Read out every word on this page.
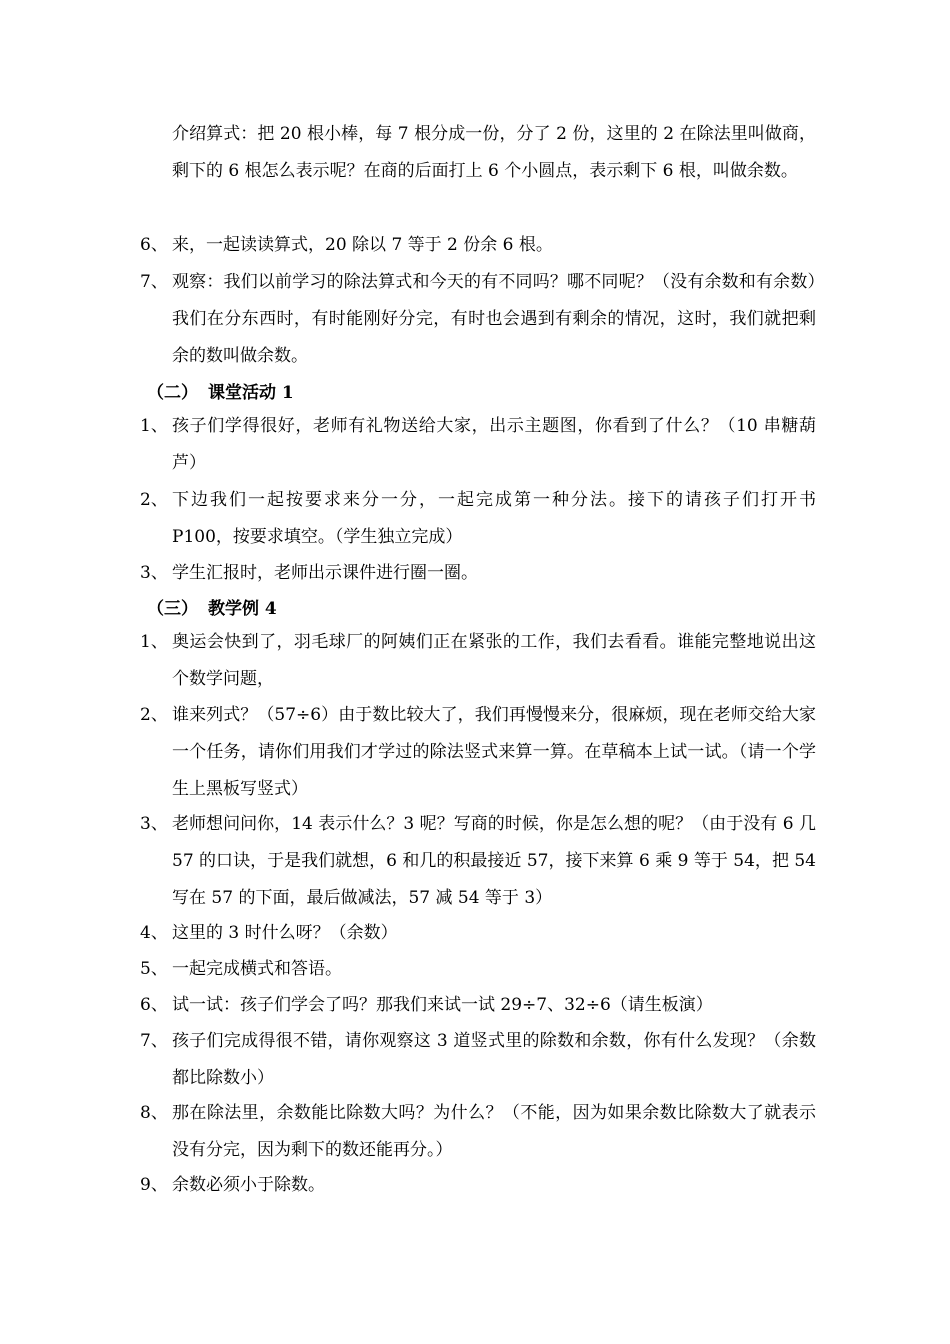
介绍算式：把 20 根小棒，每 7 根分成一份，分了 2 份，这里的 2 在除法里叫做商，剩下的 6 根怎么表示呢？在商的后面打上 6 个小圆点，表示剩下 6 根，叫做余数。
6、 来，一起读读算式，20 除以 7 等于 2 份余 6 根。
7、 观察：我们以前学习的除法算式和今天的有不同吗？哪不同呢？（没有余数和有余数）我们在分东西时，有时能刚好分完，有时也会遇到有剩余的情况，这时，我们就把剩余的数叫做余数。
（二） 课堂活动 1
1、 孩子们学得很好，老师有礼物送给大家，出示主题图，你看到了什么？（10 串糖葫芦）
2、 下边我们一起按要求来分一分，一起完成第一种分法。接下的请孩子们打开书 P100，按要求填空。（学生独立完成）
3、 学生汇报时，老师出示课件进行圈一圈。
（三） 教学例 4
1、 奥运会快到了，羽毛球厂的阿姨们正在紧张的工作，我们去看看。谁能完整地说出这个数学问题，
2、 谁来列式？（57÷6）由于数比较大了，我们再慢慢来分，很麻烦，现在老师交给大家一个任务，请你们用我们才学过的除法竖式来算一算。在草稿本上试一试。（请一个学生上黑板写竖式）
3、 老师想问问你，14 表示什么？3 呢？写商的时候，你是怎么想的呢？（由于没有 6 几 57 的口诀，于是我们就想，6 和几的积最接近 57，接下来算 6 乘 9 等于 54，把 54 写在 57 的下面，最后做减法，57 减 54 等于 3）
4、 这里的 3 时什么呀？（余数）
5、 一起完成横式和答语。
6、 试一试：孩子们学会了吗？那我们来试一试 29÷7、32÷6（请生板演）
7、 孩子们完成得很不错，请你观察这 3 道竖式里的除数和余数，你有什么发现？（余数都比除数小）
8、 那在除法里，余数能比除数大吗？为什么？（不能，因为如果余数比除数大了就表示没有分完，因为剩下的数还能再分。）
9、 余数必须小于除数。
